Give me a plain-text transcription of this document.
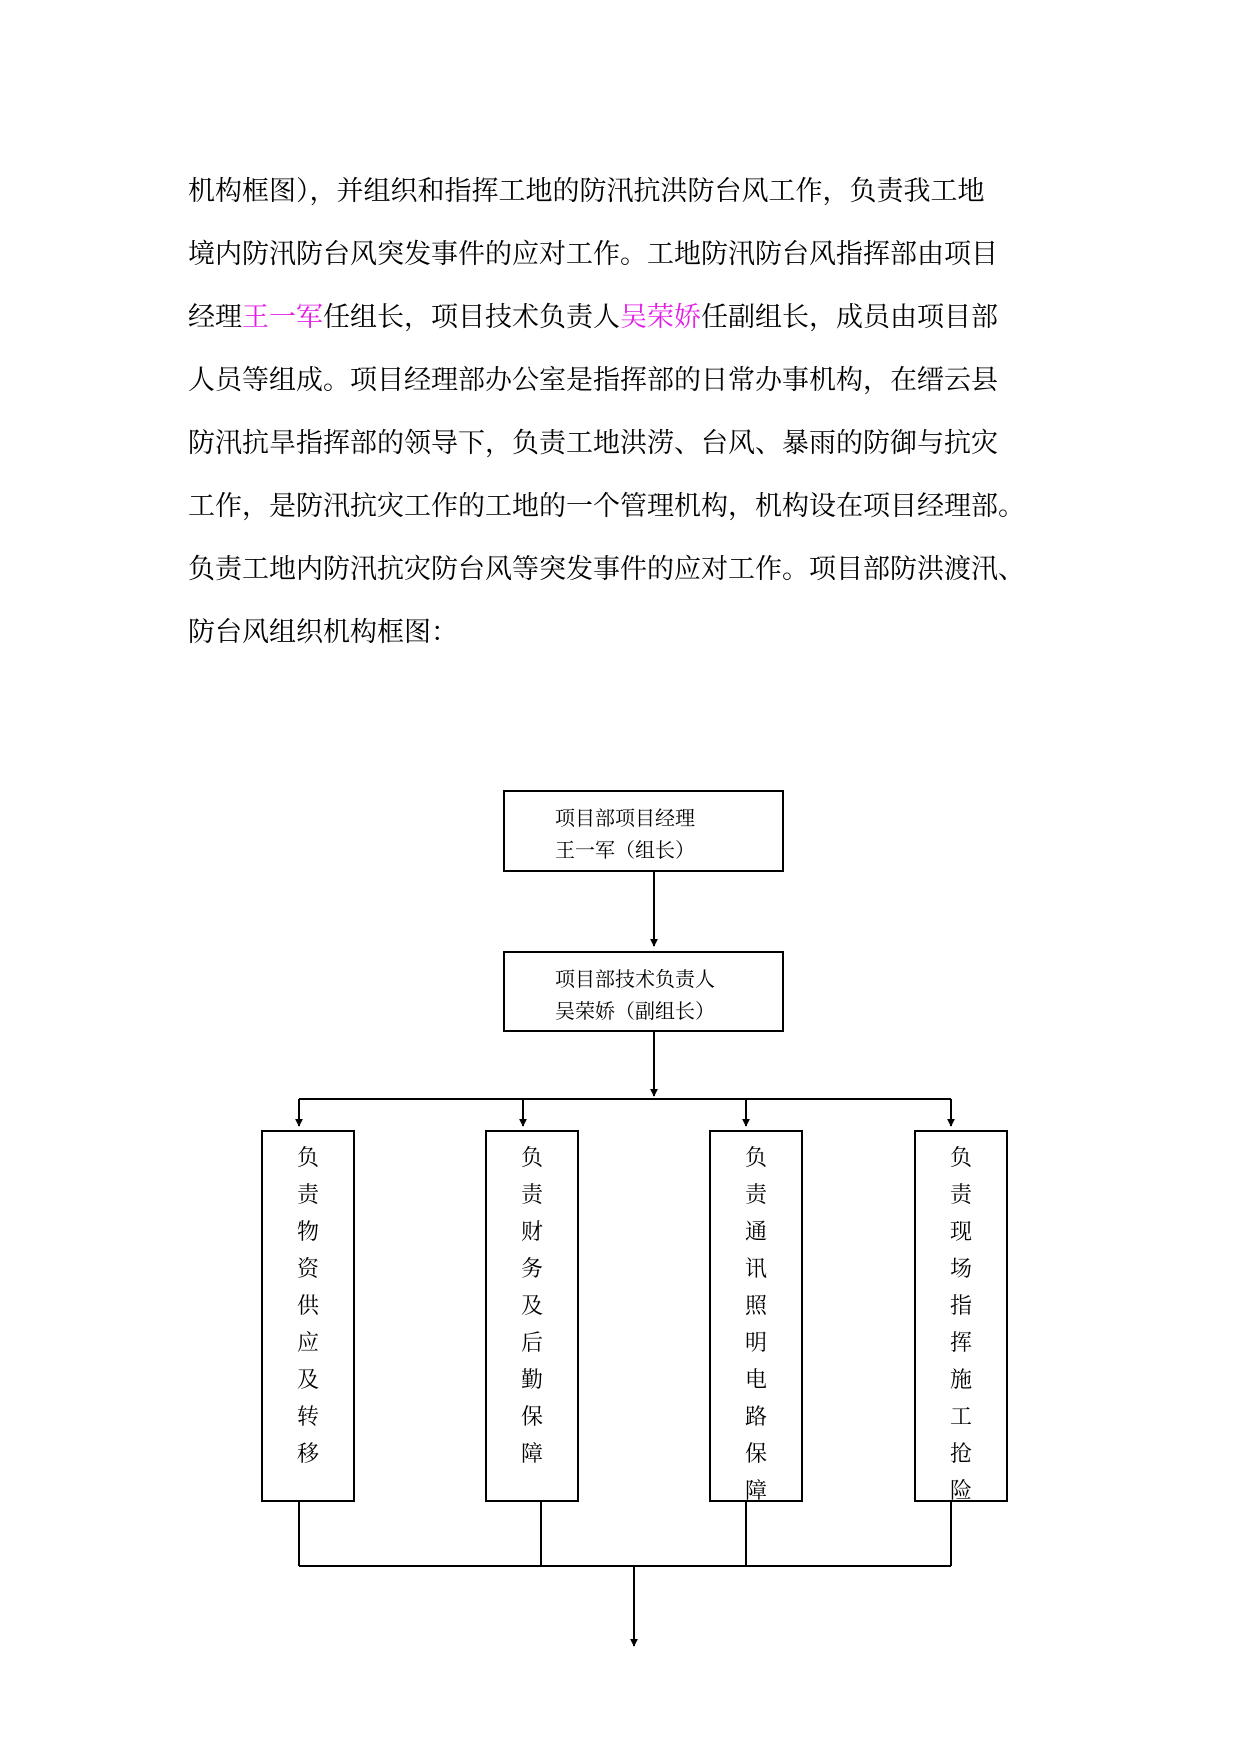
机构框图），并组织和指挥工地的防汛抗洪防台风工作，负责我工地
境内防汛防台风突发事件的应对工作。工地防汛防台风指挥部由项目
经理王一军任组长，项目技术负责人吴荣娇任副组长，成员由项目部
人员等组成。项目经理部办公室是指挥部的日常办事机构，在缙云县
防汛抗旱指挥部的领导下，负责工地洪涝、台风、暴雨的防御与抗灾
工作，是防汛抗灾工作的工地的一个管理机构，机构设在项目经理部。
负责工地内防汛抗灾防台风等突发事件的应对工作。项目部防洪渡汛、
防台风组织机构框图：
项目部项目经理
王一军（组长）
项目部技术负责人
吴荣娇（副组长）
负责物资供应及转移
负责财务及后勤保障
负责通讯照明电路保障
负责现场指挥施工抢险
